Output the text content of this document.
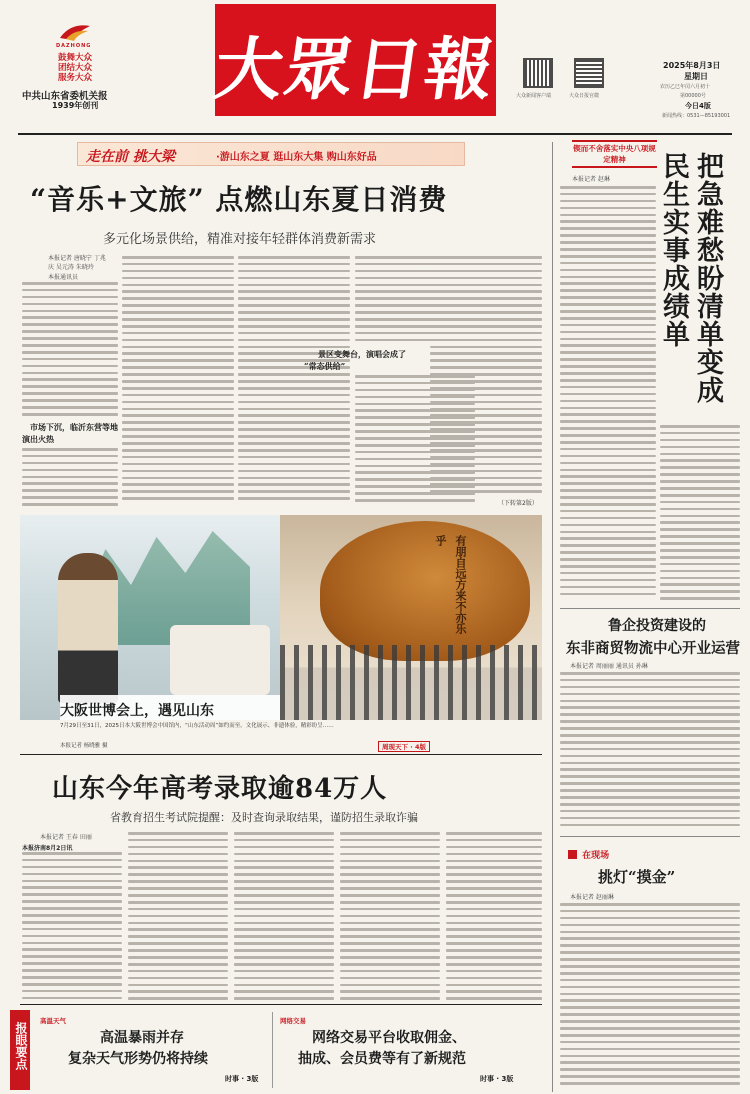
DAZHONG
鼓舞大众
团结大众
服务大众
中共山东省委机关报
1939年创刊 大眾日報	大众新闻客户端	大众日报官微
2025年8月3日
星期日
农历乙巳年闰六月初十
第00000号
今日4版
新闻热线：0531—85193001
走在前 挑大梁	·游山东之夏 逛山东大集 购山东好品
“音乐+文旅” 点燃山东夏日消费
多元化场景供给，精准对接年轻群体消费新需求
本报记者 唐晓宁 丁兆庆 吴元涛 朱晓玲
本报通讯员
市场下沉，临沂东营等地
演出火热
景区变舞台，演唱会成了
“常态供给”
（下转第2版）
有朋自远方来不亦乐乎
大阪世博会上，遇见山东
7月29日至31日，2025日本大阪世博会中国馆内，“山东活动周”如约而至。文化展示、非遗体验，精彩纷呈……
本报记者 杨晓雅 摄	周现天下 · 4版
山东今年高考录取逾84万人
省教育招生考试院提醒：及时查询录取结果，谨防招生录取诈骗
本报记者 王春 田丽
本报济南8月2日讯
报眼要点
高温天气
高温暴雨并存
复杂天气形势仍将持续
时事 · 3版
网络交易
网络交易平台收取佣金、
抽成、会员费等有了新规范
时事 · 3版
锲而不舍落实中央八项规定精神	把急难愁盼清单变成民生实事成绩单
本报记者 赵琳
鲁企投资建设的
东非商贸物流中心开业运营
本报记者 周丽丽 通讯员 孙琳
在现场
挑灯“摸金”
本报记者 赵丽琳
